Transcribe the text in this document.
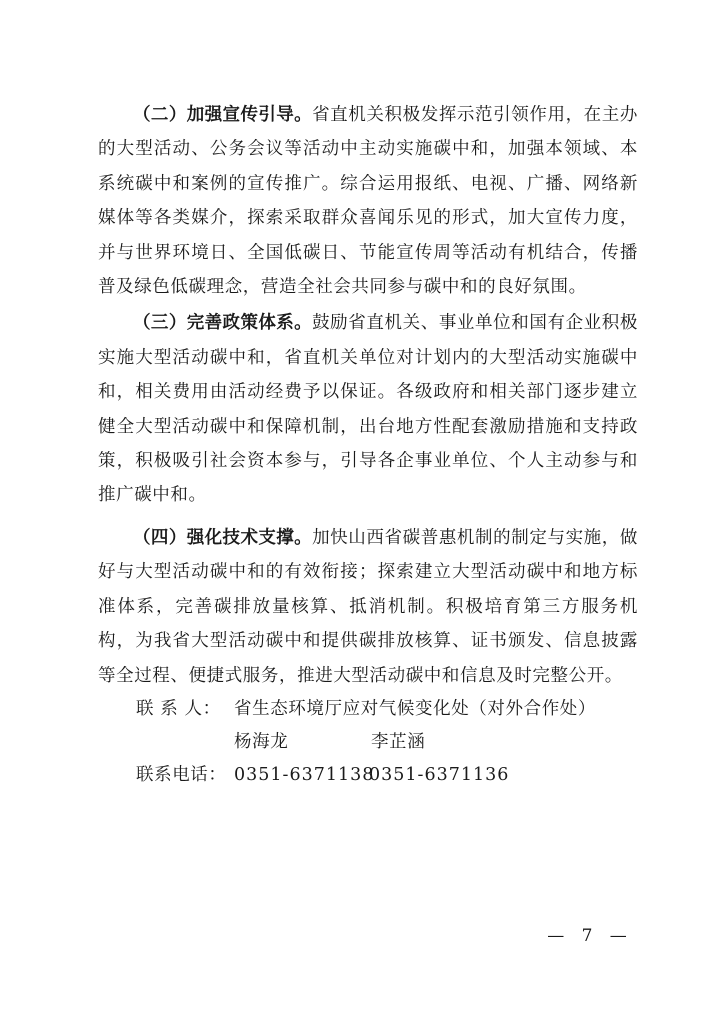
（二）加强宣传引导。省直机关积极发挥示范引领作用，在主办的大型活动、公务会议等活动中主动实施碳中和，加强本领域、本系统碳中和案例的宣传推广。综合运用报纸、电视、广播、网络新媒体等各类媒介，探索采取群众喜闻乐见的形式，加大宣传力度，并与世界环境日、全国低碳日、节能宣传周等活动有机结合，传播普及绿色低碳理念，营造全社会共同参与碳中和的良好氛围。

（三）完善政策体系。鼓励省直机关、事业单位和国有企业积极实施大型活动碳中和，省直机关单位对计划内的大型活动实施碳中和，相关费用由活动经费予以保证。各级政府和相关部门逐步建立健全大型活动碳中和保障机制，出台地方性配套激励措施和支持政策，积极吸引社会资本参与，引导各企事业单位、个人主动参与和推广碳中和。

（四）强化技术支撑。加快山西省碳普惠机制的制定与实施，做好与大型活动碳中和的有效衔接；探索建立大型活动碳中和地方标准体系，完善碳排放量核算、抵消机制。积极培育第三方服务机构，为我省大型活动碳中和提供碳排放核算、证书颁发、信息披露等全过程、便捷式服务，推进大型活动碳中和信息及时完整公开。

联 系 人： 省生态环境厅应对气候变化处（对外合作处）
杨海龙	李芷涵
联系电话： 0351-6371138
0351-6371136
— 7 —
